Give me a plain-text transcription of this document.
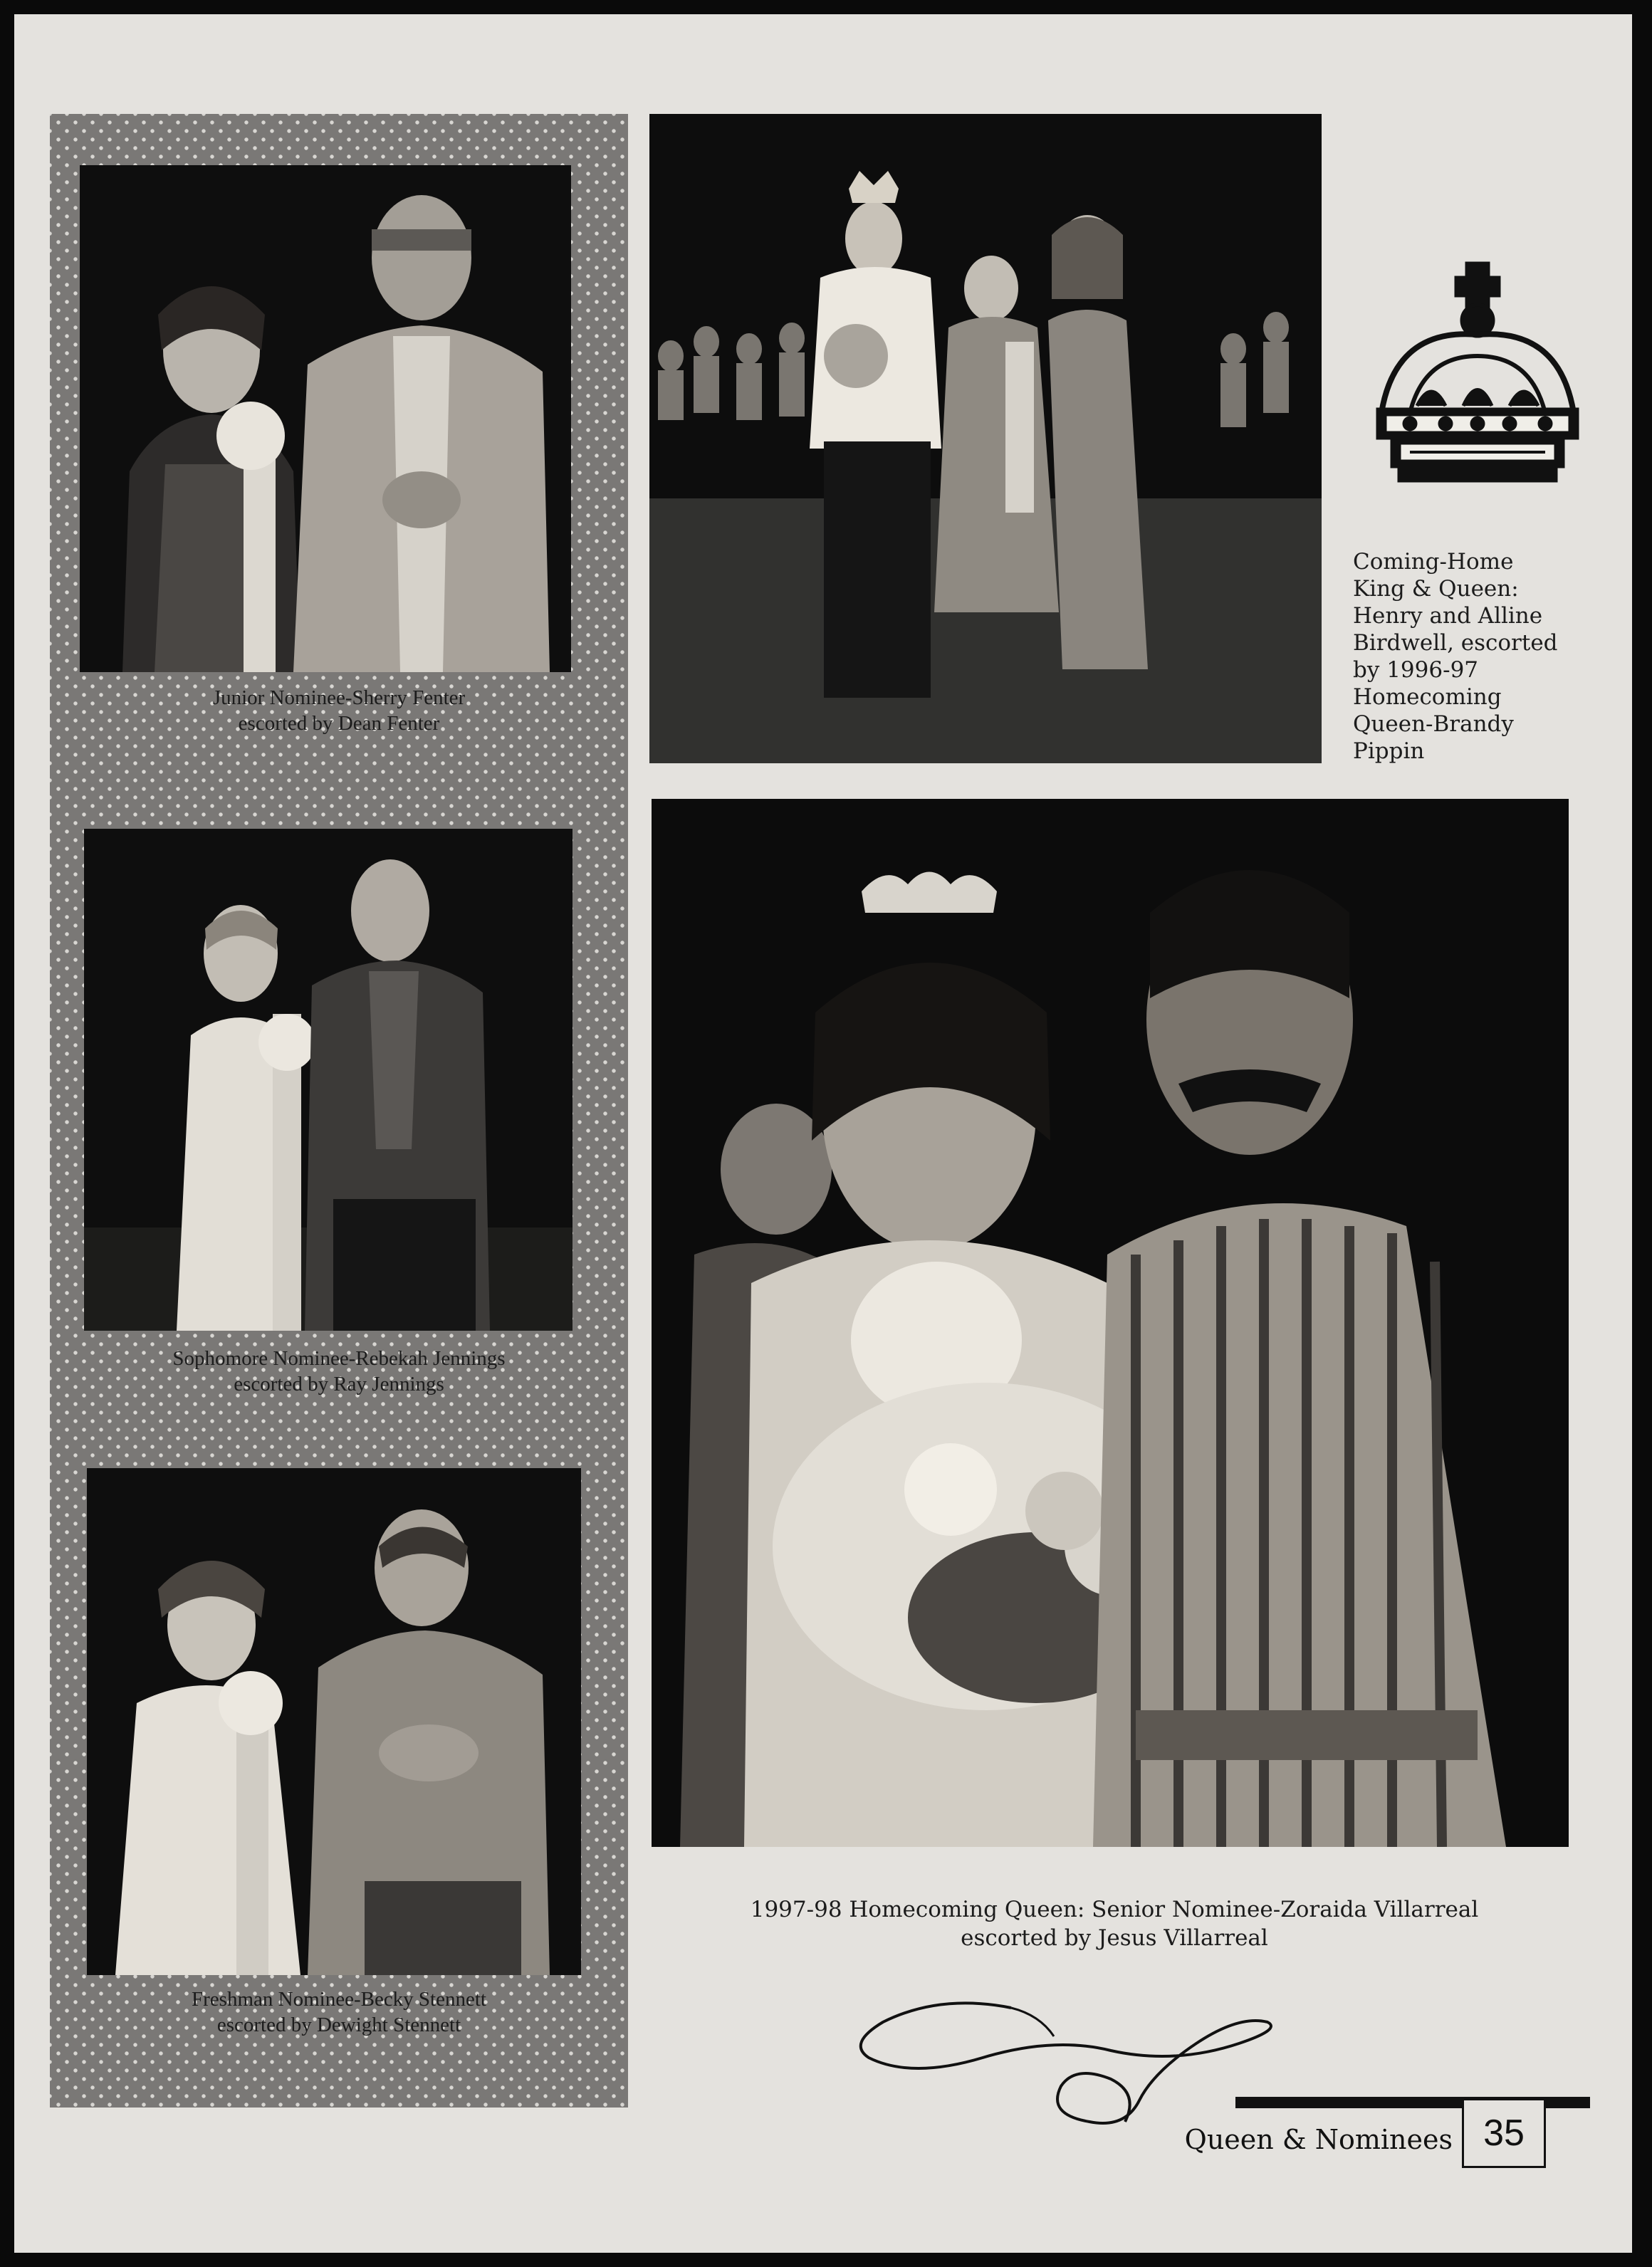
Junior Nominee-Sherry Fenter
escorted by Dean Fenter
Sophomore Nominee-Rebekah Jennings
escorted by Ray Jennings
Freshman Nominee-Becky Stennett
escorted by Dewight Stennett
Coming-Home
King & Queen:
Henry and Alline
Birdwell, escorted
by 1996-97
Homecoming
Queen-Brandy
Pippin
1997-98 Homecoming Queen: Senior Nominee-Zoraida Villarreal
escorted by Jesus Villarreal
Queen & Nominees 35
